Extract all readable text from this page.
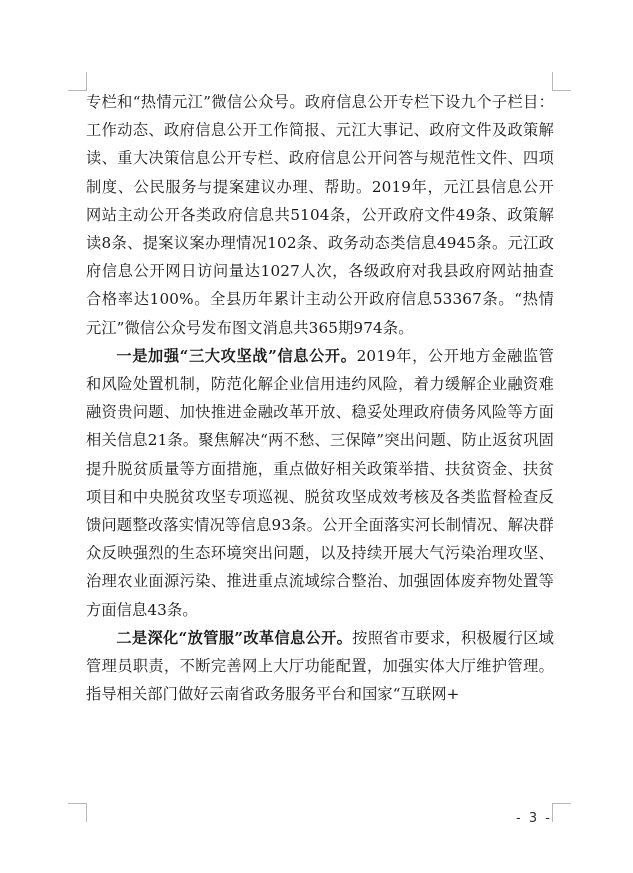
专栏和“热情元江”微信公众号。政府信息公开专栏下设九个子栏目：工作动态、政府信息公开工作简报、元江大事记、政府文件及政策解读、重大决策信息公开专栏、政府信息公开问答与规范性文件、四项制度、公民服务与提案建议办理、帮助。2019年，元江县信息公开网站主动公开各类政府信息共5104条，公开政府文件49条、政策解读8条、提案议案办理情况102条、政务动态类信息4945条。元江政府信息公开网日访问量达1027人次，各级政府对我县政府网站抽查合格率达100%。全县历年累计主动公开政府信息53367条。“热情元江”微信公众号发布图文消息共365期974条。

一是加强“三大攻坚战”信息公开。2019年，公开地方金融监管和风险处置机制，防范化解企业信用违约风险，着力缓解企业融资难融资贵问题、加快推进金融改革开放、稳妥处理政府债务风险等方面相关信息21条。聚焦解决“两不愁、三保障”突出问题、防止返贫巩固提升脱贫质量等方面措施，重点做好相关政策举措、扶贫资金、扶贫项目和中央脱贫攻坚专项巡视、脱贫攻坚成效考核及各类监督检查反馈问题整改落实情况等信息93条。公开全面落实河长制情况、解决群众反映强烈的生态环境突出问题，以及持续开展大气污染治理攻坚、治理农业面源污染、推进重点流域综合整治、加强固体废弃物处置等方面信息43条。

二是深化“放管服”改革信息公开。按照省市要求，积极履行区域管理员职责，不断完善网上大厅功能配置，加强实体大厅维护管理。指导相关部门做好云南省政务服务平台和国家“互联网+

- 3 -
